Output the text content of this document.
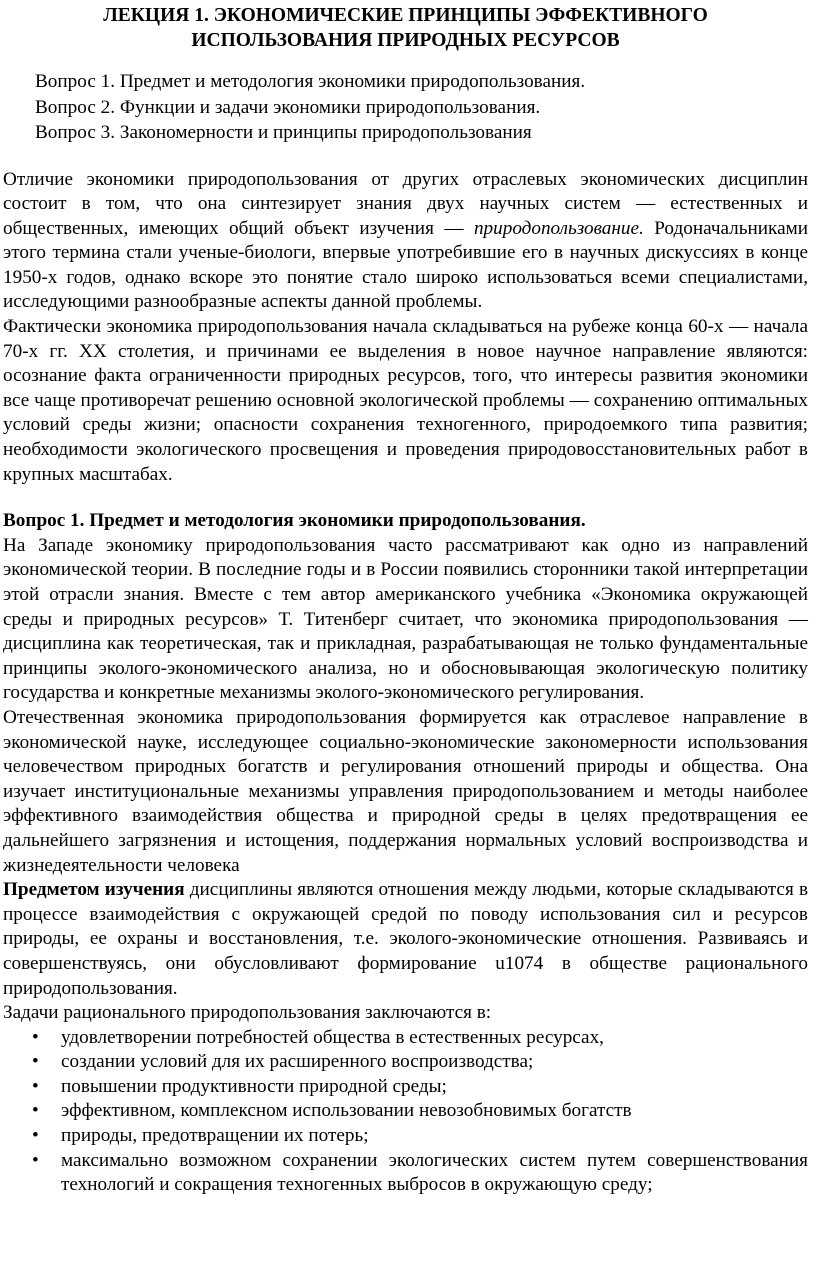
ЛЕКЦИЯ 1. ЭКОНОМИЧЕСКИЕ ПРИНЦИПЫ ЭФФЕКТИВНОГО
ИСПОЛЬЗОВАНИЯ ПРИРОДНЫХ РЕСУРСОВ
Вопрос 1. Предмет и методология экономики природопользования.
Вопрос 2. Функции и задачи экономики природопользования.
Вопрос 3. Закономерности и принципы природопользования

Отличие экономики природопользования от других отраслевых экономических дисциплин состоит в том, что она синтезирует знания двух научных систем — естественных и общественных, имеющих общий объект изучения — природопользование. Родоначальниками этого термина стали ученые-биологи, впервые употребившие его в научных дискуссиях в конце 1950-х годов, однако вскоре это понятие стало широко использоваться всеми специалистами, исследующими разнообразные аспекты данной проблемы.

Фактически экономика природопользования начала складываться на рубеже конца 60-х — начала 70-х гг. XX столетия, и причинами ее выделения в новое научное направление являются: осознание факта ограниченности природных ресурсов, того, что интересы развития экономики все чаще противоречат решению основной экологической проблемы — сохранению оптимальных условий среды жизни; опасности сохранения техногенного, природоемкого типа развития; необходимости экологического просвещения и проведения природовосстановительных работ в крупных масштабах.

Вопрос 1. Предмет и методология экономики природопользования.

На Западе экономику природопользования часто рассматривают как одно из направлений экономической теории. В последние годы и в России появились сторонники такой интерпретации этой отрасли знания. Вместе с тем автор американского учебника «Экономика окружающей среды и природных ресурсов» Т. Титенберг считает, что экономика природопользования — дисциплина как теоретическая, так и прикладная, разрабатывающая не только фундаментальные принципы эколого-экономического анализа, но и обосновывающая экологическую политику государства и конкретные механизмы эколого-экономического регулирования.

Отечественная экономика природопользования формируется как отраслевое направление в экономической науке, исследующее социально-экономические закономерности использования человечеством природных богатств и регулирования отношений природы и общества. Она изучает институциональные механизмы управления природопользованием и методы наиболее эффективного взаимодействия общества и природной среды в целях предотвращения ее дальнейшего загрязнения и истощения, поддержания нормальных условий воспроизводства и жизнедеятельности человека

Предметом изучения дисциплины являются отношения между людьми, которые складываются в процессе взаимодействия с окружающей средой по поводу использования сил и ресурсов природы, ее охраны и восстановления, т.е. эколого-экономические отношения. Развиваясь и совершенствуясь, они обусловливают формирование u1074 в обществе рационального природопользования.

Задачи рационального природопользования заключаются в:

• удовлетворении потребностей общества в естественных ресурсах,
• создании условий для их расширенного воспроизводства;
• повышении продуктивности природной среды;
• эффективном, комплексном использовании невозобновимых богатств
• природы, предотвращении их потерь;
• максимально возможном сохранении экологических систем путем совершенствования технологий и сокращения техногенных выбросов в окружающую среду;
